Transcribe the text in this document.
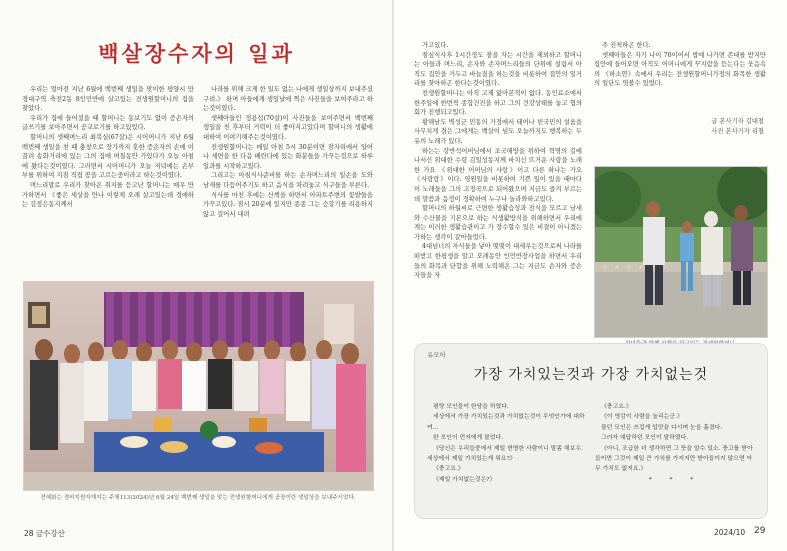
백살장수자의 일과

우리는 얼마전 지난 6월에 백번째 생일을 맞이한 평양시 만경대구역 축전2동 8인민반에 살고있는 전생원할머니의 집을 찾았다.

우리가 집에 들어섰을 때 할머니는 동보기도 없이 증손자의 글쓰기를 보아주면서 공교로기를 하고있었다.

할머니의 셋째며느리 최복실(67살)은 시어머니가 지난 6월 백번째 생일을 친 때 충창으로 장가까지 훗한 증손자의 손에 이끌려 송화거리에 있는 그의 집에 며칠동안 가있다가 오늘 아침에 왔다는것이였다. 그러면서 시어머니가 오늘 저녁에는 손부부를 위하여 지짐 직접 꽁을 고르는중이라고 하는것이였다.

며느리말로 우리가 찾아온 취지를 듣고난 할머니는 매우 만가하면서 《좋은 세상을 만나 이렇게 오래 살고있는데 경애하는 김정은동지께서

나라를 위해 크게 한 일도 없는 나에게 생일상까지 보내주셨구려.》 하며 아들에게 생일날에 찍은 사진들을 보여주라고 하는것이였다.

셋째아들인 정용섭(70살)이 사진들을 보여주면서 백번째 생일을 친 후부터 거력이 더 좋아지고있다며 할머니의 생활에 대하여 이야기해주는것이였다.

전생원할머니는 매일 아침 5시 30분이면 잠자리에서 일어나 세면을 한 다음 베란다에 있는 화분들을 가꾸는것으로 하루일과를 시작하고있다.

그리고는 아침식사준비를 하는 손자며느리의 일손을 도와 남새를 다듬어주기도 하고 음식을 차려놓고 식구들을 부른다.

식사를 마친 후에는 산책을 하면서 아파트주변의 꽃밭들을 가꾸고있다. 점시 20분에 있지만 종종 그는 승강기를 리용하지 않고 걸어서 내려

전혜화는 경비지원자재지는 주체113(2024)년 6월 24일 백번째 생일을 맞는 전생원할머니에게 공장이란 생일상을 보내주시었다.
28 금수강산

가고있다.

점심식사후 1시간정도 잠을 자는 시간을 제외하고 할머니는 아들과 며느리, 손자와 손자며느리들의 단위에 설립서 아직도 집안을 거두고 바늘질을 하는것을 비롯하여 집안의 일거리를 찾아하곤 한다는것이였다.

전생원할머니는 아직 고제 앓아본적이 없다. 동인료소에서 한주일에 한번씩 종합건진을 하고 그의 건강상태를 놓고 협의회가 진행되고있다.

황해남도 벽성군 민동의 가정에서 태어나 빈국민의 설움을 사무치게 겪은 그에게는 백살이 넘도 오늘까지도 행복하는 두유의 노래가 있다.

하는는 강반석어머님에서 조국해방을 위하여 혁명의 길에 나서신 위대한 수령 김일성동지께 바치신 뜨거운 사랑을 노래한 가요 《위대한 어머님의 사랑》이고 다른 하나는 가요 《사랑랑》이다. 영원일을 비롯하여 기쁜 일이 있을 때마다 이 노래들을 그의 고정곡으로 되어왔으며 지금도 즐겨 부르는데 말씀과 음정이 정확하여 누구나 놀라와하고있다.

할머니의 하월씨로 근면한 생활습성과 전식을 모르고 남새와 수산물을 기본으로 하는 식생활방식을 위해하면서 우리에게는 이러한 생활습관이고 가 장수할수 있은 비결이 아니겠는가하는 생각이 갈마들었다.

4대넘너의 자식들을 낳아 떳떳이 내세우는것으로써 나라를 떠받고 한평생을 알고 오래동안 인민반장사업을 하면서 우리들의 화목과 단합을 위해 노력해온 그는 지금도 손자와 증손자들을 자

주 진척하곤 한다.

셋째아들은 자기 나이 70이어서 밥에 나가면 존대를 받지만 집안에 들어오면 아직도 어머니에게 꾸지람을 듣는다는 웃음속의 《하소연》속에서 우리는 전생원할머니가정의 화목한 생활의 일단도 엿볼수 있었다.

글 본사기자 김대철
사진 본사기자 리철
유모아
가장 가치있는것과 가장 가치없는것

평양 모인들이 한담을 하였다.

세상에서 가장 가치있는것과 가치없는것이 무엇인가에 대하여…

한 모인이 먼저에게 물었다.

《당신은 우리들중에서 제일 현명한 사람이니 말좀 해보우. 세상에서 제일 가치있는게 뭐요?》

《충고요.》

《제일 가치없는것은?》

《충고요.》

《이 영감이 사람을 놀리는군.》

물던 모인은 쓰겁게 입맛을 다시며 눈을 흘겼다.

그러자 대답하던 모인이 말하였다.

《아니, 조급한 더 생각하면 그 뜻을 알수 있소. 충고를 받아들이면 그것이 제일 큰 가치를 가지지만 받아들이지 않으면 아무 가치도 없지요.》

* * *
2024/10 29
